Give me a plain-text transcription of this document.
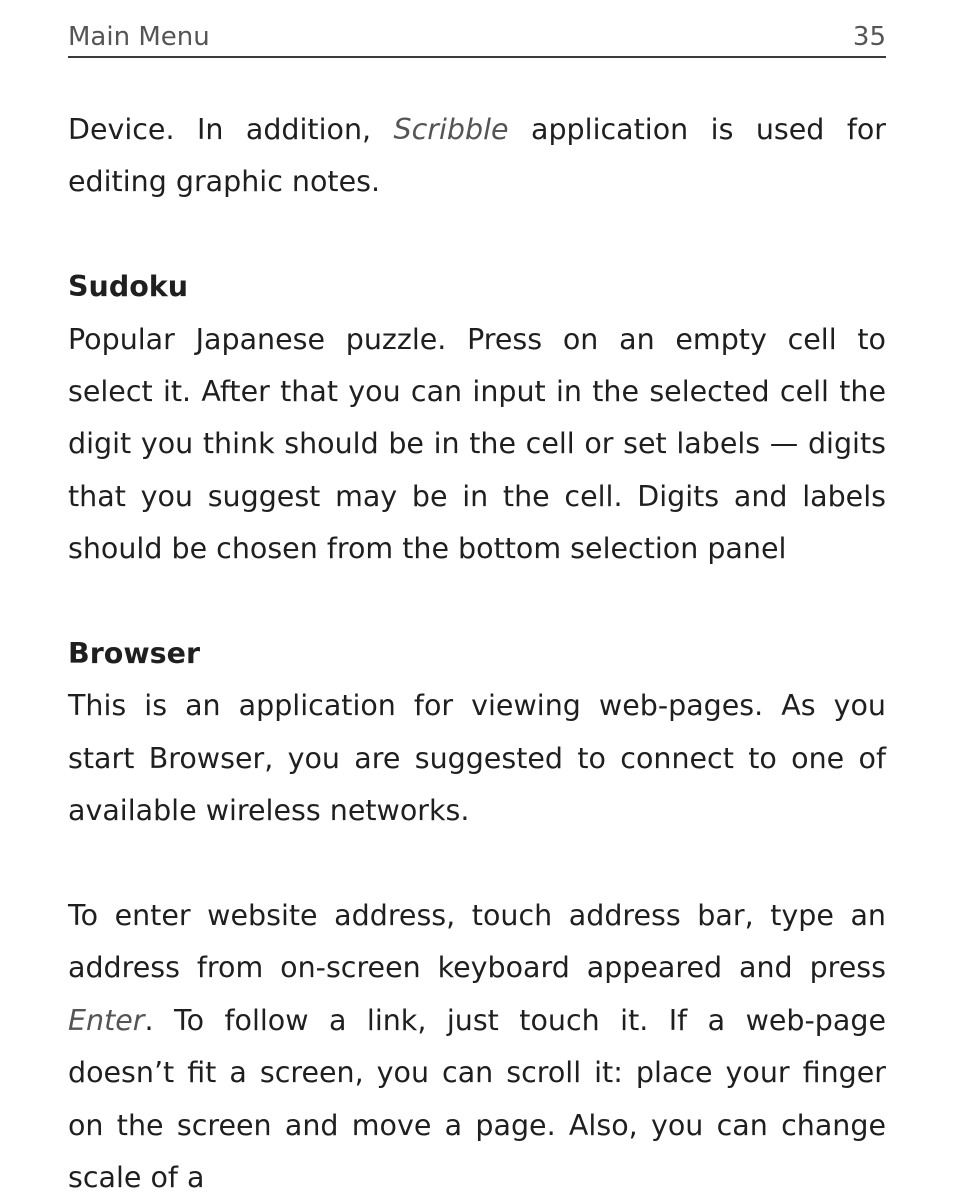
Main Menu	35

Device. In addition, Scribble application is used for editing graphic notes.

Sudoku

Popular Japanese puzzle. Press on an empty cell to select it. After that you can input in the selected cell the digit you think should be in the cell or set labels — digits that you suggest may be in the cell. Digits and labels should be chosen from the bottom selection panel

Browser

This is an application for viewing web-pages. As you start Browser, you are suggested to connect to one of available wireless networks.

To enter website address, touch address bar, type an address from on-screen keyboard appeared and press Enter. To follow a link, just touch it. If a web-page doesn’t fit a screen, you can scroll it: place your finger on the screen and move a page. Also, you can change scale of a
